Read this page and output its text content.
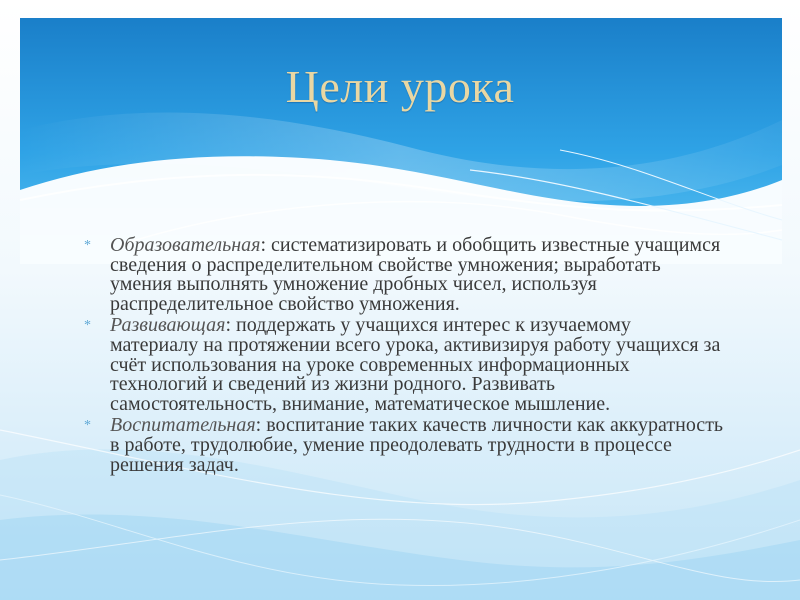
Цели урока

* Образовательная: систематизировать и обобщить известные учащимся сведения о распределительном свойстве умножения; выработать умения выполнять умножение дробных чисел, используя распределительное свойство умножения.

* Развивающая: поддержать у учащихся интерес к изучаемому материалу на протяжении всего урока, активизируя работу учащихся за счёт использования на уроке современных информационных технологий и сведений из жизни родного. Развивать самостоятельность, внимание, математическое мышление.

* Воспитательная: воспитание таких качеств личности как аккуратность в работе, трудолюбие, умение преодолевать трудности в процессе решения задач.
